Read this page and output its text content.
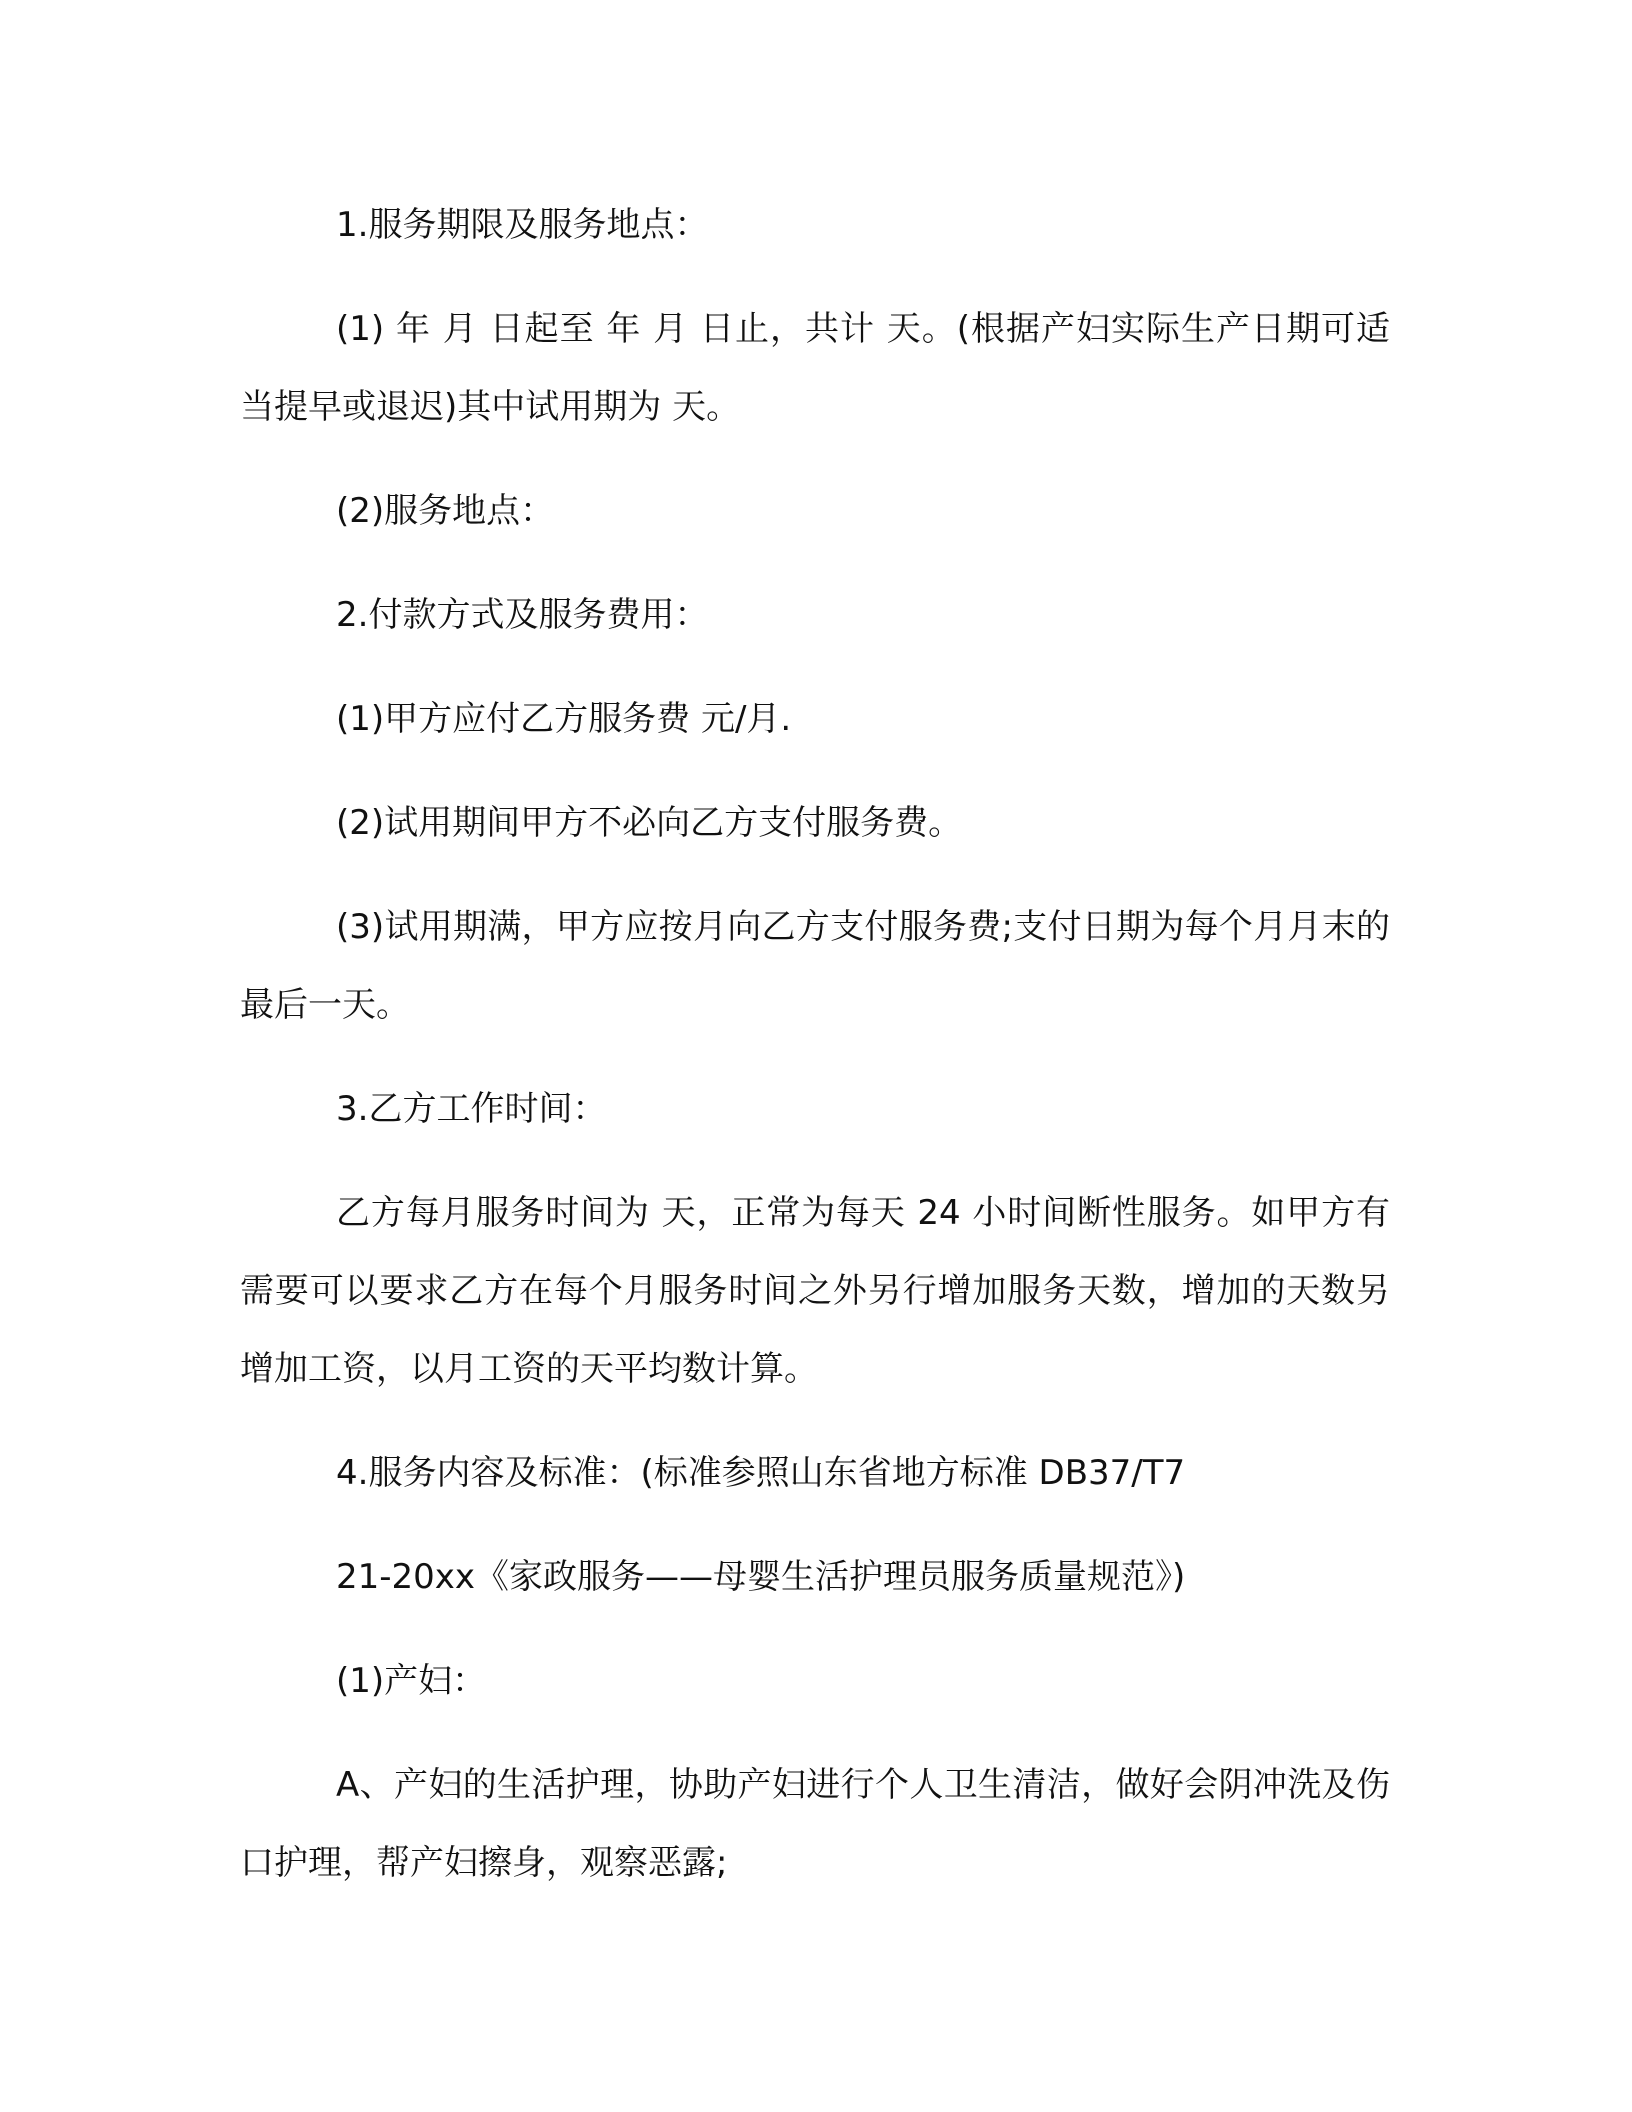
1.服务期限及服务地点：

(1) 年 月 日起至 年 月 日止，共计 天。(根据产妇实际生产日期可适当提早或退迟)其中试用期为 天。

(2)服务地点：

2.付款方式及服务费用：

(1)甲方应付乙方服务费 元/月.

(2)试用期间甲方不必向乙方支付服务费。

(3)试用期满，甲方应按月向乙方支付服务费;支付日期为每个月月末的最后一天。

3.乙方工作时间：

乙方每月服务时间为 天，正常为每天 24 小时间断性服务。如甲方有需要可以要求乙方在每个月服务时间之外另行增加服务天数，增加的天数另增加工资，以月工资的天平均数计算。

4.服务内容及标准：(标准参照山东省地方标准 DB37/T7

21-20xx《家政服务——母婴生活护理员服务质量规范》)

(1)产妇：

A、产妇的生活护理，协助产妇进行个人卫生清洁，做好会阴冲洗及伤口护理，帮产妇擦身，观察恶露;
